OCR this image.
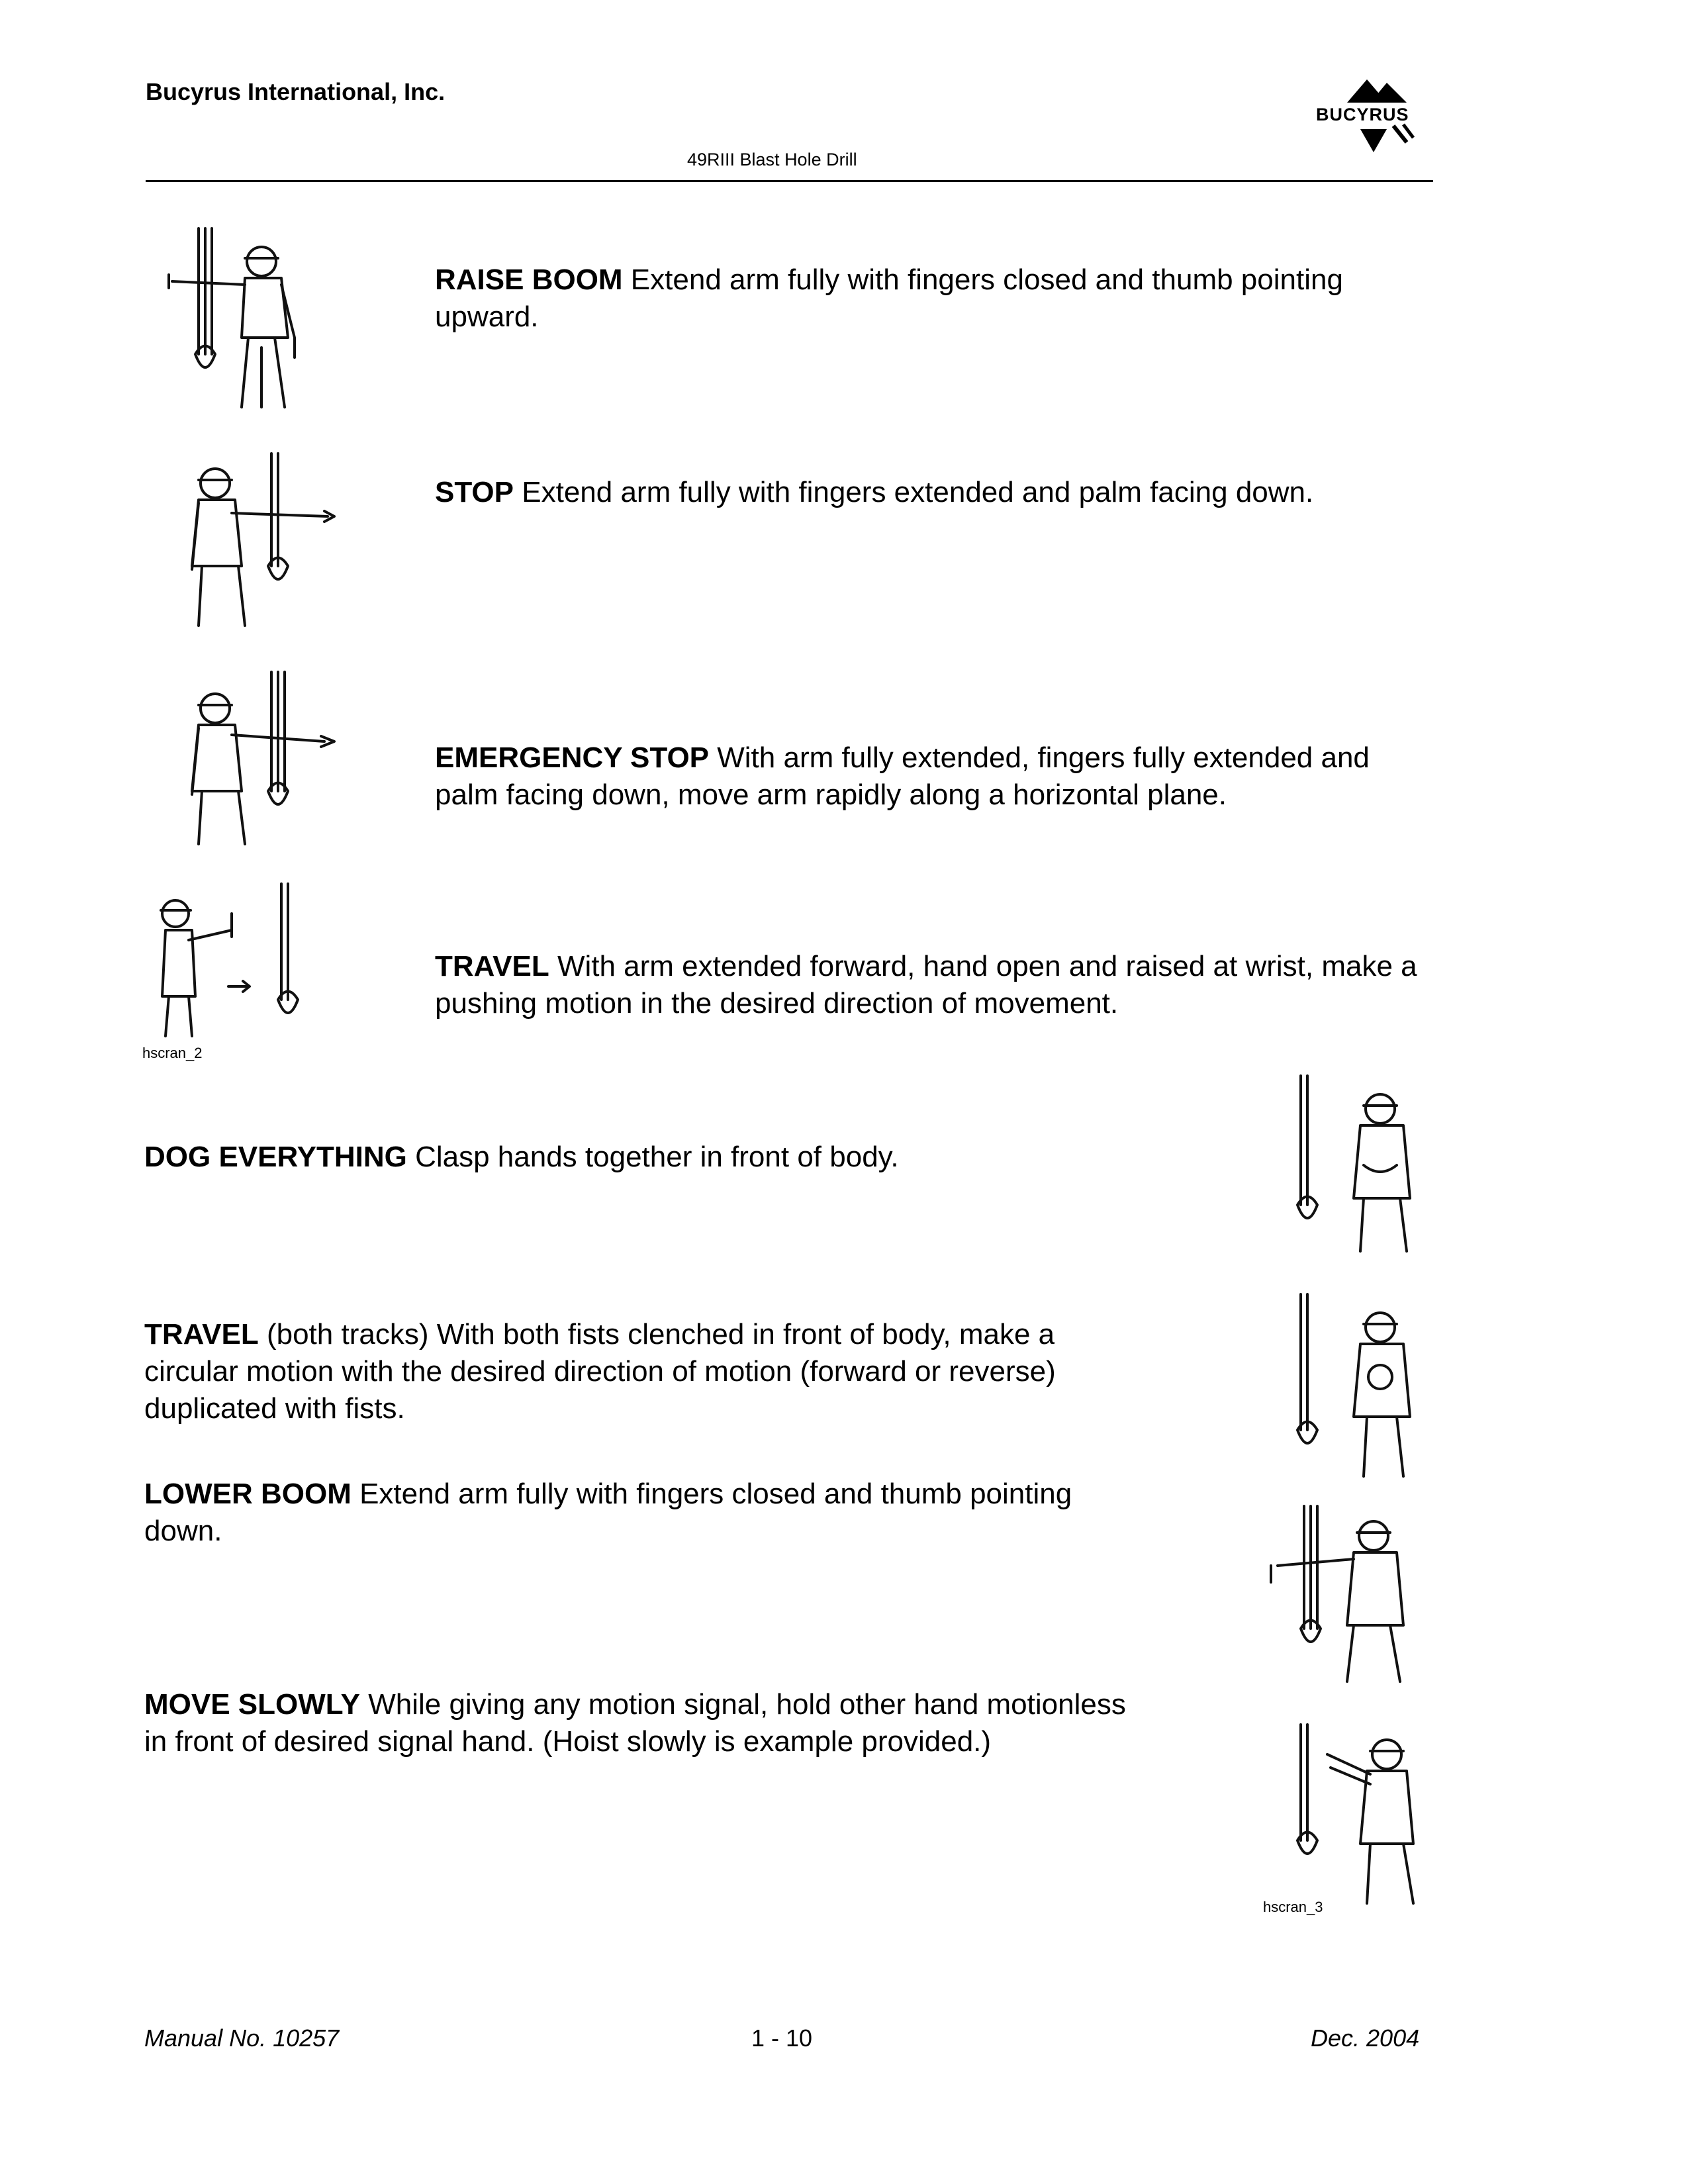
Bucyrus International, Inc.
49RIII Blast Hole Drill
BUCYRUS
hscran_2
RAISE BOOM Extend arm fully with fingers closed and thumb pointing upward.
STOP Extend arm fully with fingers extended and palm facing down.
EMERGENCY STOP With arm fully extended, fingers fully extended and palm facing down, move arm rapidly along a horizontal plane.
TRAVEL With arm extended forward, hand open and raised at wrist, make a pushing motion in the desired direction of movement.
DOG EVERYTHING Clasp hands together in front of body.
TRAVEL (both tracks) With both fists clenched in front of body, make a circular motion with the desired direction of motion (forward or reverse) duplicated with fists.
LOWER BOOM Extend arm fully with fingers closed and thumb pointing down.
MOVE SLOWLY While giving any motion signal, hold other hand motionless in front of desired signal hand. (Hoist slowly is example provided.)
hscran_3
Manual No. 10257	1 - 10	Dec. 2004
